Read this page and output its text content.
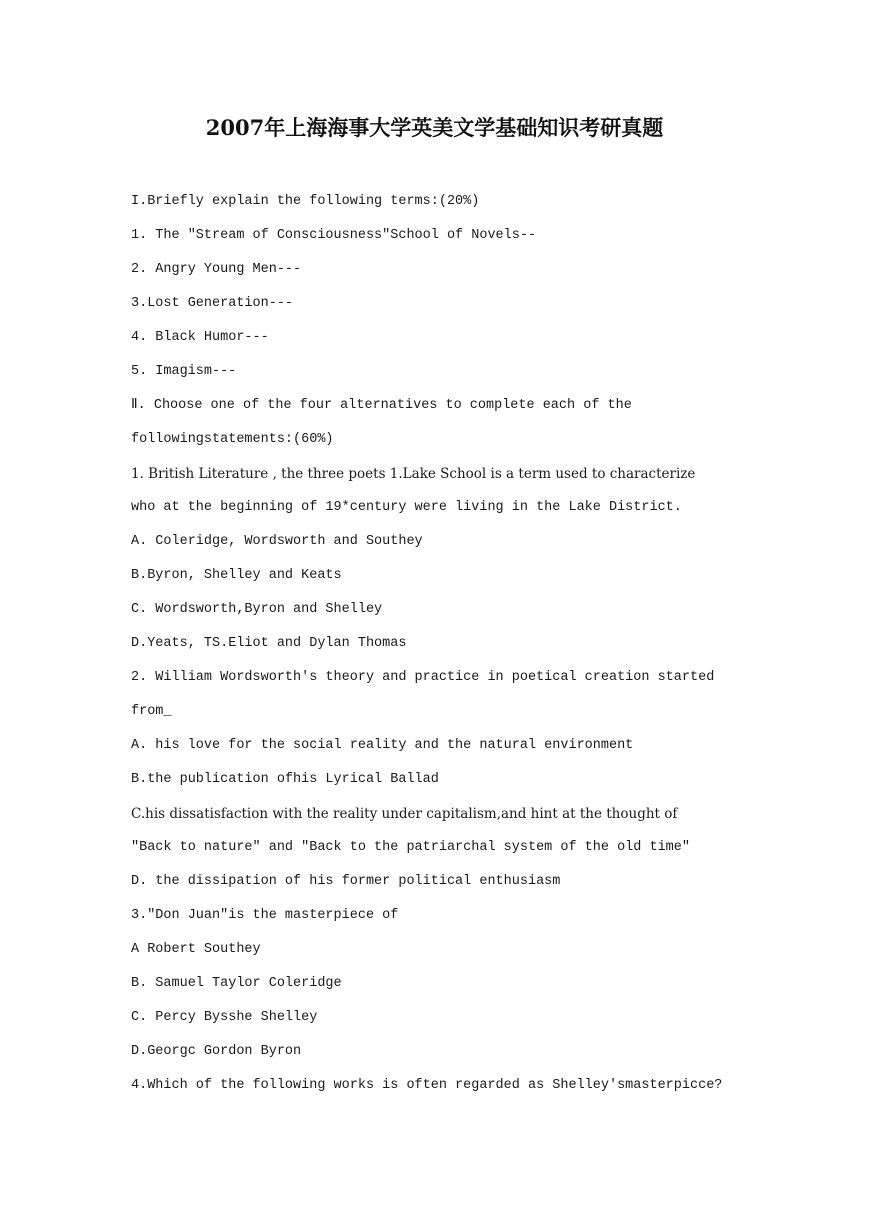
2007年上海海事大学英美文学基础知识考研真题
I.Briefly explain the following terms:(20%)
1. The "Stream of Consciousness"School of Novels--
2. Angry Young Men---
3.Lost Generation---
4. Black Humor---
5. Imagism---
Ⅱ. Choose one of the four alternatives to complete each of the
followingstatements:(60%)
1. British Literature , the three poets 1.Lake School is a term used to characterize
who at the beginning of 19*century were living in the Lake District.
A. Coleridge, Wordsworth and Southey
B.Byron, Shelley and Keats
C. Wordsworth,Byron and Shelley
D.Yeats, TS.Eliot and Dylan Thomas
2. William Wordsworth's theory and practice in poetical creation started
from_
A. his love for the social reality and the natural environment
B.the publication ofhis Lyrical Ballad
C.his dissatisfaction with the reality under capitalism,and hint at the thought of
"Back to nature" and "Back to the patriarchal system of the old time"
D. the dissipation of his former political enthusiasm
3."Don Juan"is the masterpiece of
A Robert Southey
B. Samuel Taylor Coleridge
C. Percy Bysshe Shelley
D.Georgc Gordon Byron
4.Which of the following works is often regarded as Shelley'smasterpicce?
